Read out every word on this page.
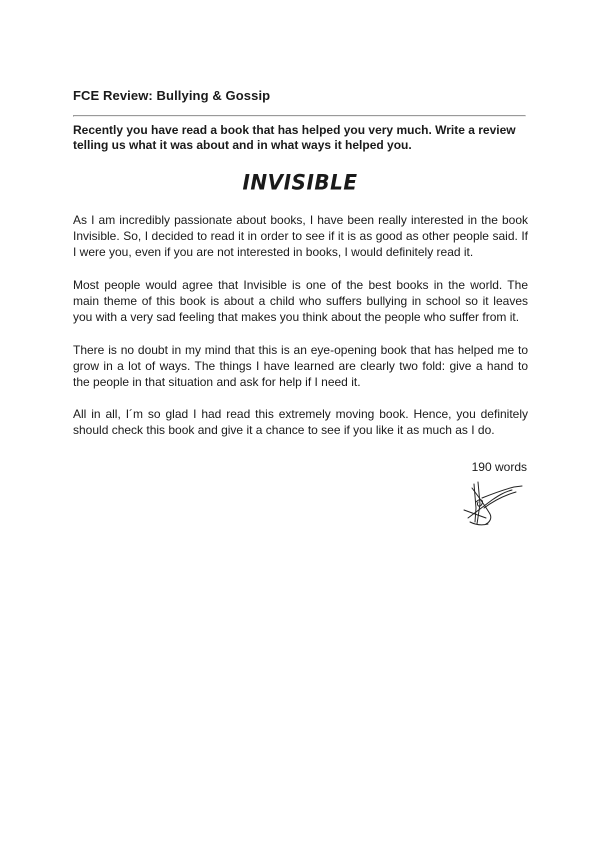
FCE Review: Bullying & Gossip

Recently you have read a book that has helped you very much. Write a review telling us what it was about and in what ways it helped you.

INVISIBLE

As I am incredibly passionate about books, I have been really interested in the book Invisible. So, I decided to read it in order to see if it is as good as other people said. If I were you, even if you are not interested in books, I would definitely read it.

Most people would agree that Invisible is one of the best books in the world. The main theme of this book is about a child who suffers bullying in school so it leaves you with a very sad feeling that makes you think about the people who suffer from it.

There is no doubt in my mind that this is an eye-opening book that has helped me to grow in a lot of ways. The things I have learned are clearly two fold: give a hand to the people in that situation and ask for help if I need it.

All in all, I´m so glad I had read this extremely moving book. Hence, you definitely should check this book and give it a chance to see if you like it as much as I do.

190 words
